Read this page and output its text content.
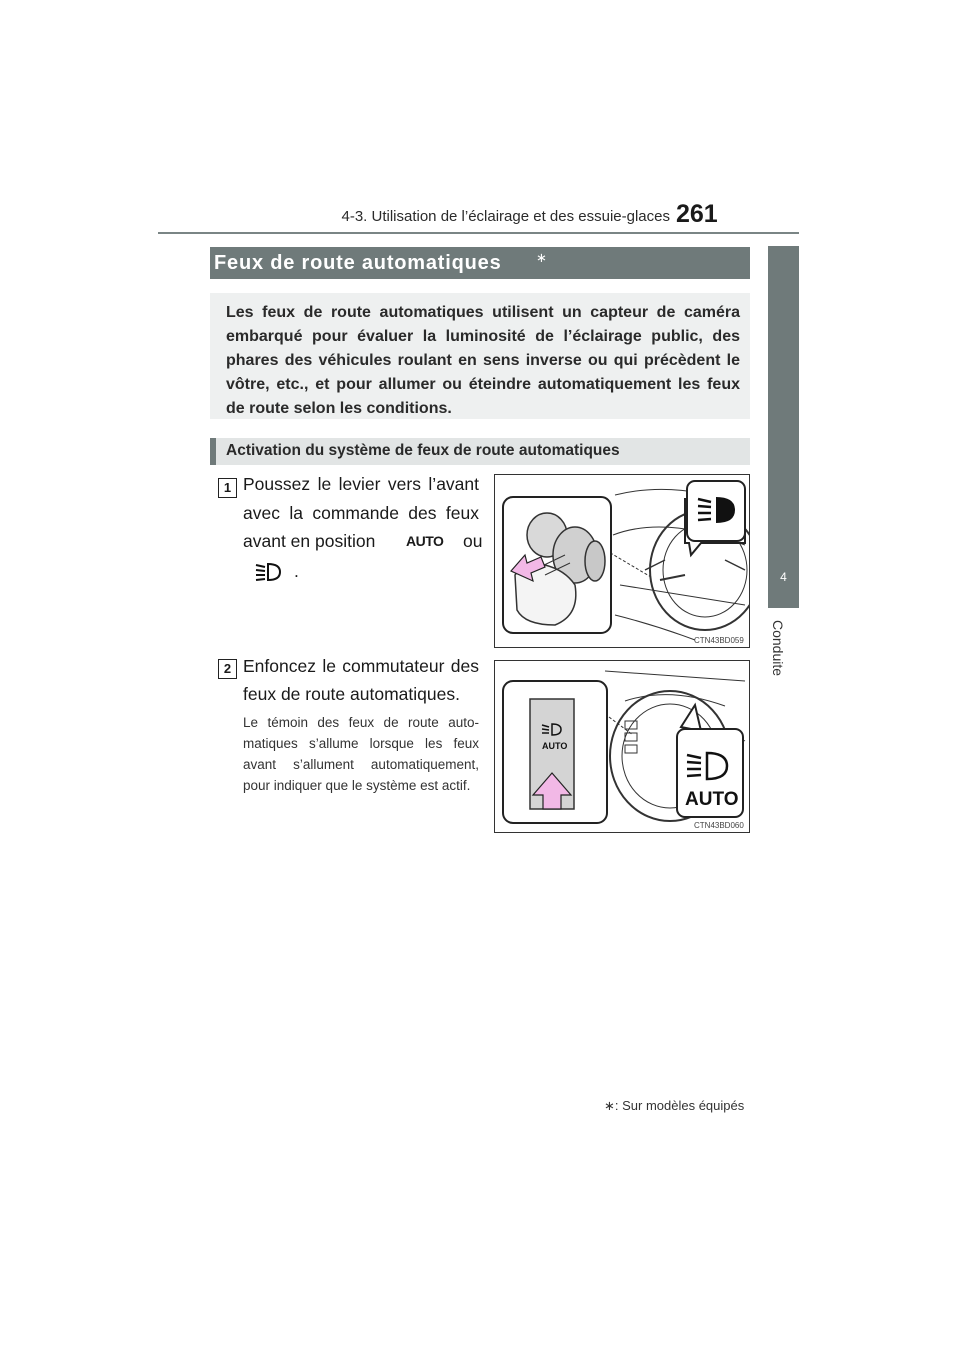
4-3. Utilisation de l’éclairage et des essuie-glaces 261
4
Conduite
Feux de route automatiques	∗

Les feux de route automatiques utilisent un capteur de caméra embarqué pour évaluer la luminosité de l’éclairage public, des phares des véhicules roulant en sens inverse ou qui précèdent le vôtre, etc., et pour allumer ou éteindre automatiquement les feux de route selon les conditions.

Activation du système de feux de route automatiques
1 Poussez le levier vers l’avant
avec la commande des feux
avant en position AUTO ou
.
CTN43BD059
2 Enfoncez le commutateur des
feux de route automatiques.
Le témoin des feux de route auto-matiques s’allume lorsque les feux avant s’allument automatiquement, pour indiquer que le système est actif.
AUTO
AUTO
CTN43BD060
∗: Sur modèles équipés
